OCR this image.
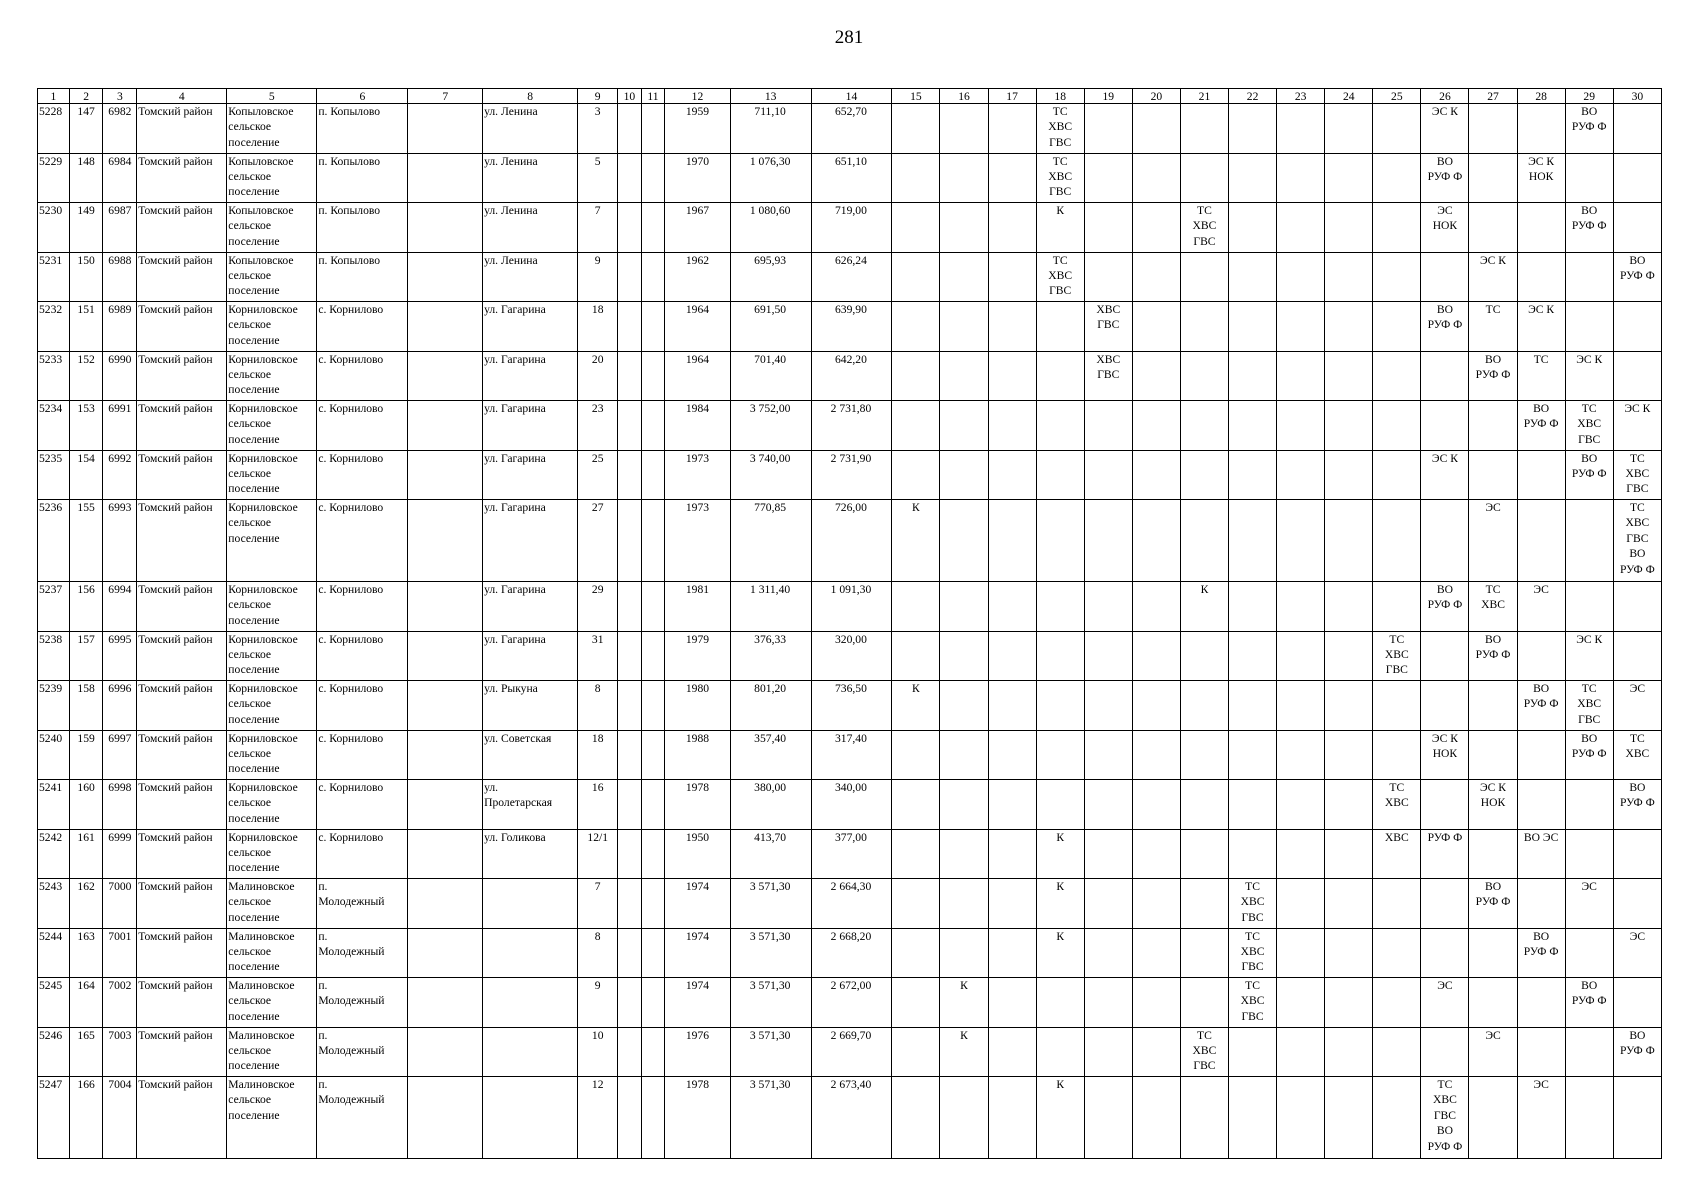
281
1	2	3	4	5	6	7	8	9	10	11	12	13	14	15	16	17	18	19	20	21	22	23	24	25	26	27	28	29	30
5228	147	6982	Томский район	Копыловское сельское поселение	п. Копылово		ул. Ленина	3			1959	711,10	652,70				ТС
ХВС
ГВС								ЭС К			ВО
РУФ Ф	
5229	148	6984	Томский район	Копыловское сельское поселение	п. Копылово		ул. Ленина	5			1970	1 076,30	651,10				ТС
ХВС
ГВС								ВО
РУФ Ф		ЭС К
НОК		
5230	149	6987	Томский район	Копыловское сельское поселение	п. Копылово		ул. Ленина	7			1967	1 080,60	719,00				К			ТС
ХВС
ГВС					ЭС
НОК			ВО
РУФ Ф	
5231	150	6988	Томский район	Копыловское сельское поселение	п. Копылово		ул. Ленина	9			1962	695,93	626,24				ТС
ХВС
ГВС									ЭС К			ВО
РУФ Ф
5232	151	6989	Томский район	Корниловское сельское поселение	с. Корнилово		ул. Гагарина	18			1964	691,50	639,90					ХВС
ГВС							ВО
РУФ Ф	ТС	ЭС К		
5233	152	6990	Томский район	Корниловское сельское поселение	с. Корнилово		ул. Гагарина	20			1964	701,40	642,20					ХВС
ГВС								ВО
РУФ Ф	ТС	ЭС К	
5234	153	6991	Томский район	Корниловское сельское поселение	с. Корнилово		ул. Гагарина	23			1984	3 752,00	2 731,80														ВО
РУФ Ф	ТС
ХВС
ГВС	ЭС К
5235	154	6992	Томский район	Корниловское сельское поселение	с. Корнилово		ул. Гагарина	25			1973	3 740,00	2 731,90												ЭС К			ВО
РУФ Ф	ТС
ХВС
ГВС
5236	155	6993	Томский район	Корниловское сельское поселение	с. Корнилово		ул. Гагарина	27			1973	770,85	726,00	К												ЭС			ТС
ХВС
ГВС
ВО
РУФ Ф
5237	156	6994	Томский район	Корниловское сельское поселение	с. Корнилово		ул. Гагарина	29			1981	1 311,40	1 091,30							К					ВО
РУФ Ф	ТС
ХВС	ЭС		
5238	157	6995	Томский район	Корниловское сельское поселение	с. Корнилово		ул. Гагарина	31			1979	376,33	320,00											ТС
ХВС
ГВС		ВО
РУФ Ф		ЭС К	
5239	158	6996	Томский район	Корниловское сельское поселение	с. Корнилово		ул. Рыкуна	8			1980	801,20	736,50	К													ВО
РУФ Ф	ТС
ХВС
ГВС	ЭС
5240	159	6997	Томский район	Корниловское сельское поселение	с. Корнилово		ул. Советская	18			1988	357,40	317,40												ЭС К
НОК			ВО
РУФ Ф	ТС
ХВС
5241	160	6998	Томский район	Корниловское сельское поселение	с. Корнилово		ул.
Пролетарская	16			1978	380,00	340,00											ТС
ХВС		ЭС К
НОК			ВО
РУФ Ф
5242	161	6999	Томский район	Корниловское сельское поселение	с. Корнилово		ул. Голикова	12/1			1950	413,70	377,00				К							ХВС	РУФ Ф		ВО ЭС		
5243	162	7000	Томский район	Малиновское сельское поселение	п.
Молодежный			7			1974	3 571,30	2 664,30				К				ТС
ХВС
ГВС					ВО
РУФ Ф		ЭС	
5244	163	7001	Томский район	Малиновское сельское поселение	п.
Молодежный			8			1974	3 571,30	2 668,20				К				ТС
ХВС
ГВС						ВО
РУФ Ф		ЭС
5245	164	7002	Томский район	Малиновское сельское поселение	п.
Молодежный			9			1974	3 571,30	2 672,00		К						ТС
ХВС
ГВС				ЭС			ВО
РУФ Ф	
5246	165	7003	Томский район	Малиновское сельское поселение	п.
Молодежный			10			1976	3 571,30	2 669,70		К					ТС
ХВС
ГВС						ЭС			ВО
РУФ Ф
5247	166	7004	Томский район	Малиновское сельское поселение	п.
Молодежный			12			1978	3 571,30	2 673,40				К								ТС
ХВС
ГВС
ВО
РУФ Ф		ЭС		
